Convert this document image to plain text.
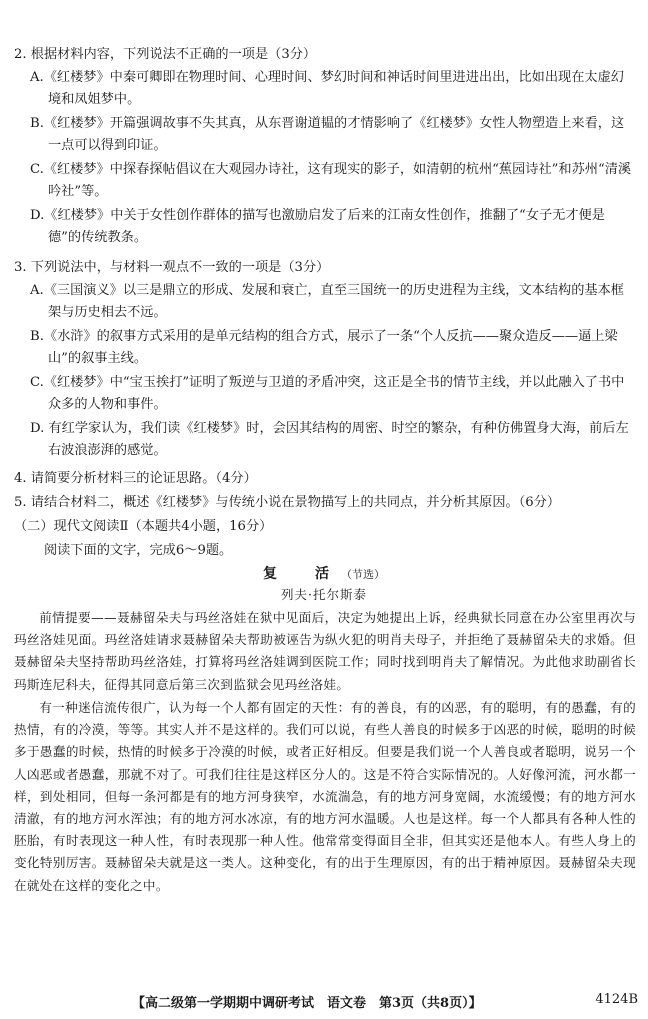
2. 根据材料内容，下列说法不正确的一项是（3分）

A.《红楼梦》中秦可卿即在物理时间、心理时间、梦幻时间和神话时间里进进出出，比如出现在太虚幻境和凤姐梦中。

B.《红楼梦》开篇强调故事不失其真，从东晋谢道韫的才情影响了《红楼梦》女性人物塑造上来看，这一点可以得到印证。

C.《红楼梦》中探春探帖倡议在大观园办诗社，这有现实的影子，如清朝的杭州“蕉园诗社”和苏州“清溪吟社”等。

D.《红楼梦》中关于女性创作群体的描写也激励启发了后来的江南女性创作，推翻了“女子无才便是德”的传统教条。

3. 下列说法中，与材料一观点不一致的一项是（3分）

A.《三国演义》以三是鼎立的形成、发展和衰亡，直至三国统一的历史进程为主线，文本结构的基本框架与历史相去不远。

B.《水浒》的叙事方式采用的是单元结构的组合方式，展示了一条“个人反抗——聚众造反——逼上梁山”的叙事主线。

C.《红楼梦》中“宝玉挨打”证明了叛逆与卫道的矛盾冲突，这正是全书的情节主线，并以此融入了书中众多的人物和事件。

D. 有红学家认为，我们读《红楼梦》时，会因其结构的周密、时空的繁杂，有种仿佛置身大海，前后左右波浪澎湃的感觉。

4. 请简要分析材料三的论证思路。（4分）

5. 请结合材料二，概述《红楼梦》与传统小说在景物描写上的共同点，并分析其原因。（6分）

（二）现代文阅读Ⅱ（本题共4小题，16分）

阅读下面的文字，完成6～9题。

复　活（节选）

列夫·托尔斯泰

前情提要——聂赫留朵夫与玛丝洛娃在狱中见面后，决定为她提出上诉，经典狱长同意在办公室里再次与玛丝洛娃见面。玛丝洛娃请求聂赫留朵夫帮助被诬告为纵火犯的明肖夫母子，并拒绝了聂赫留朵夫的求婚。但聂赫留朵夫坚持帮助玛丝洛娃，打算将玛丝洛娃调到医院工作；同时找到明肖夫了解情况。为此他求助副省长玛斯连尼科夫，征得其同意后第三次到监狱会见玛丝洛娃。

有一种迷信流传很广，认为每一个人都有固定的天性：有的善良，有的凶恶，有的聪明，有的愚蠢，有的热情，有的冷漠，等等。其实人并不是这样的。我们可以说，有些人善良的时候多于凶恶的时候，聪明的时候多于愚蠢的时候，热情的时候多于冷漠的时候，或者正好相反。但要是我们说一个人善良或者聪明，说另一个人凶恶或者愚蠢，那就不对了。可我们往往是这样区分人的。这是不符合实际情况的。人好像河流，河水都一样，到处相同，但每一条河都是有的地方河身狭窄，水流湍急，有的地方河身宽阔，水流缓慢；有的地方河水清澈，有的地方河水浑浊；有的地方河水冰凉，有的地方河水温暖。人也是这样。每一个人都具有各种人性的胚胎，有时表现这一种人性，有时表现那一种人性。他常常变得面目全非，但其实还是他本人。有些人身上的变化特别厉害。聂赫留朵夫就是这一类人。这种变化，有的出于生理原因，有的出于精神原因。聂赫留朵夫现在就处在这样的变化之中。

【高二级第一学期期中调研考试　语文卷　第3页（共8页）】	4124B
